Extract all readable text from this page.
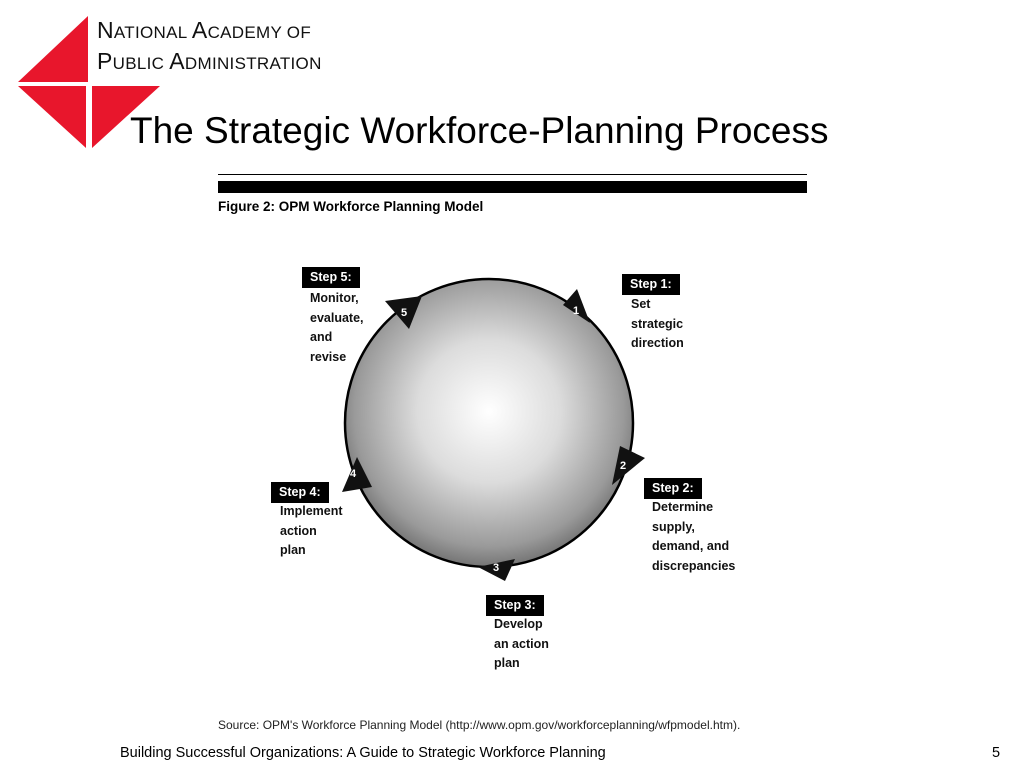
NATIONAL ACADEMY OF
PUBLIC ADMINISTRATION
The Strategic Workforce-Planning Process
Figure 2: OPM Workforce Planning Model
1
2
3
4
5
Step 5:
Monitor,
evaluate,
and
revise
Step 1:
Set
strategic
direction
Step 2:
Determine
supply,
demand, and
discrepancies
Step 4:
Implement
action
plan
Step 3:
Develop
an action
plan
Source: OPM's Workforce Planning Model (http://www.opm.gov/workforceplanning/wfpmodel.htm).
Building Successful Organizations: A Guide to Strategic Workforce Planning	5
